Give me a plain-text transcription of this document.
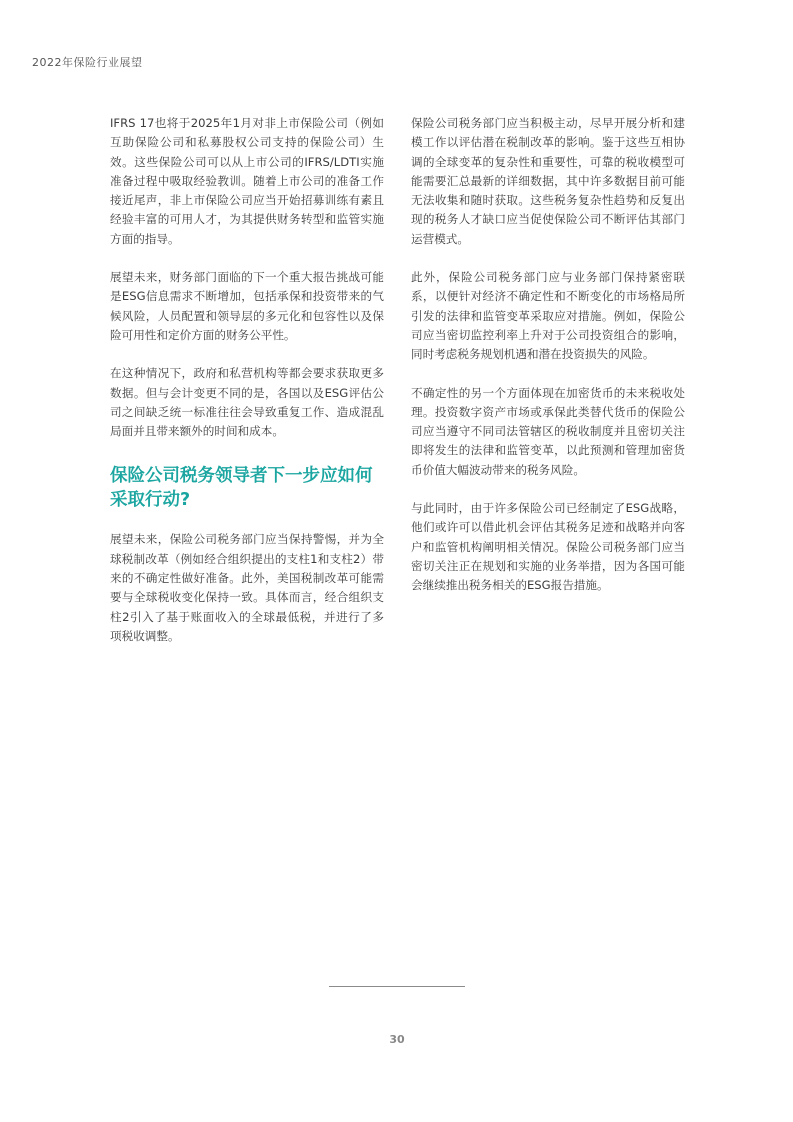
2022年保险行业展望

IFRS 17也将于2025年1月对非上市保险公司（例如互助保险公司和私募股权公司支持的保险公司）生效。这些保险公司可以从上市公司的IFRS/LDTI实施准备过程中吸取经验教训。随着上市公司的准备工作接近尾声，非上市保险公司应当开始招募训练有素且经验丰富的可用人才，为其提供财务转型和监管实施方面的指导。

展望未来，财务部门面临的下一个重大报告挑战可能是ESG信息需求不断增加，包括承保和投资带来的气候风险，人员配置和领导层的多元化和包容性以及保险可用性和定价方面的财务公平性。

在这种情况下，政府和私营机构等都会要求获取更多数据。但与会计变更不同的是，各国以及ESG评估公司之间缺乏统一标准往往会导致重复工作、造成混乱局面并且带来额外的时间和成本。

保险公司税务领导者下一步应如何采取行动?

展望未来，保险公司税务部门应当保持警惕，并为全球税制改革（例如经合组织提出的支柱1和支柱2）带来的不确定性做好准备。此外，美国税制改革可能需要与全球税收变化保持一致。具体而言，经合组织支柱2引入了基于账面收入的全球最低税，并进行了多项税收调整。

保险公司税务部门应当积极主动，尽早开展分析和建模工作以评估潜在税制改革的影响。鉴于这些互相协调的全球变革的复杂性和重要性，可靠的税收模型可能需要汇总最新的详细数据，其中许多数据目前可能无法收集和随时获取。这些税务复杂性趋势和反复出现的税务人才缺口应当促使保险公司不断评估其部门运营模式。

此外，保险公司税务部门应与业务部门保持紧密联系，以便针对经济不确定性和不断变化的市场格局所引发的法律和监管变革采取应对措施。例如，保险公司应当密切监控利率上升对于公司投资组合的影响，同时考虑税务规划机遇和潜在投资损失的风险。

不确定性的另一个方面体现在加密货币的未来税收处理。投资数字资产市场或承保此类替代货币的保险公司应当遵守不同司法管辖区的税收制度并且密切关注即将发生的法律和监管变革，以此预测和管理加密货币价值大幅波动带来的税务风险。

与此同时，由于许多保险公司已经制定了ESG战略，他们或许可以借此机会评估其税务足迹和战略并向客户和监管机构阐明相关情况。保险公司税务部门应当密切关注正在规划和实施的业务举措，因为各国可能会继续推出税务相关的ESG报告措施。

30
